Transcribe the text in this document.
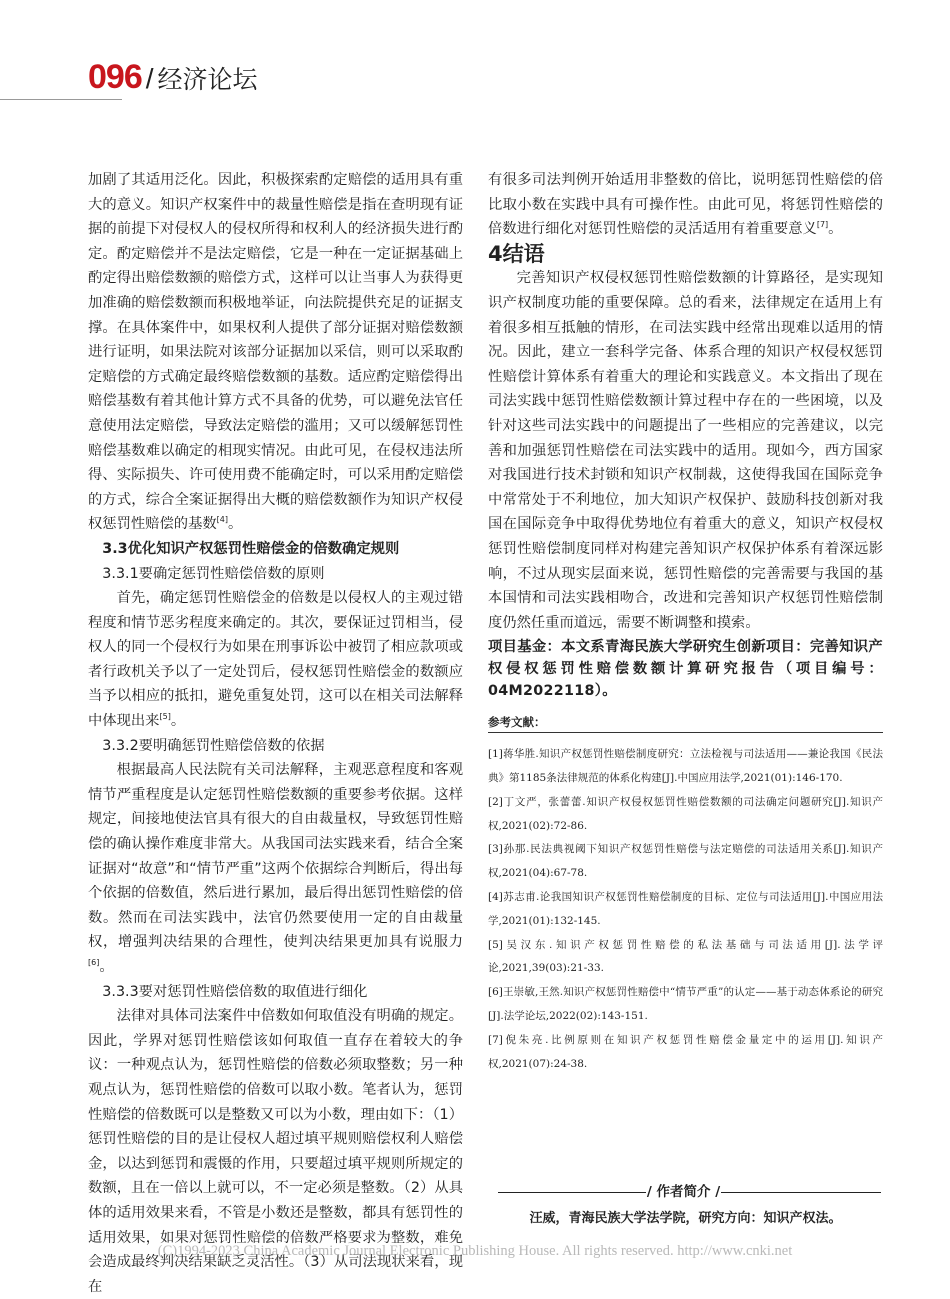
096 / 经济论坛

加剧了其适用泛化。因此，积极探索酌定赔偿的适用具有重大的意义。知识产权案件中的裁量性赔偿是指在查明现有证据的前提下对侵权人的侵权所得和权利人的经济损失进行酌定。酌定赔偿并不是法定赔偿，它是一种在一定证据基础上酌定得出赔偿数额的赔偿方式，这样可以让当事人为获得更加准确的赔偿数额而积极地举证，向法院提供充足的证据支撑。在具体案件中，如果权利人提供了部分证据对赔偿数额进行证明，如果法院对该部分证据加以采信，则可以采取酌定赔偿的方式确定最终赔偿数额的基数。适应酌定赔偿得出赔偿基数有着其他计算方式不具备的优势，可以避免法官任意使用法定赔偿，导致法定赔偿的滥用；又可以缓解惩罚性赔偿基数难以确定的相现实情况。由此可见，在侵权违法所得、实际损失、许可使用费不能确定时，可以采用酌定赔偿的方式，综合全案证据得出大概的赔偿数额作为知识产权侵权惩罚性赔偿的基数[4]。

3.3优化知识产权惩罚性赔偿金的倍数确定规则

3.3.1要确定惩罚性赔偿倍数的原则

首先，确定惩罚性赔偿金的倍数是以侵权人的主观过错程度和情节恶劣程度来确定的。其次，要保证过罚相当，侵权人的同一个侵权行为如果在刑事诉讼中被罚了相应款项或者行政机关予以了一定处罚后，侵权惩罚性赔偿金的数额应当予以相应的抵扣，避免重复处罚，这可以在相关司法解释中体现出来[5]。

3.3.2要明确惩罚性赔偿倍数的依据

根据最高人民法院有关司法解释，主观恶意程度和客观情节严重程度是认定惩罚性赔偿数额的重要参考依据。这样规定，间接地使法官具有很大的自由裁量权，导致惩罚性赔偿的确认操作难度非常大。从我国司法实践来看，结合全案证据对“故意”和“情节严重”这两个依据综合判断后，得出每个依据的倍数值，然后进行累加，最后得出惩罚性赔偿的倍数。然而在司法实践中，法官仍然要使用一定的自由裁量权，增强判决结果的合理性，使判决结果更加具有说服力[6]。

3.3.3要对惩罚性赔偿倍数的取值进行细化

法律对具体司法案件中倍数如何取值没有明确的规定。因此，学界对惩罚性赔偿该如何取值一直存在着较大的争议：一种观点认为，惩罚性赔偿的倍数必须取整数；另一种观点认为，惩罚性赔偿的倍数可以取小数。笔者认为，惩罚性赔偿的倍数既可以是整数又可以为小数，理由如下：（1）惩罚性赔偿的目的是让侵权人超过填平规则赔偿权利人赔偿金，以达到惩罚和震慑的作用，只要超过填平规则所规定的数额，且在一倍以上就可以，不一定必须是整数。（2）从具体的适用效果来看，不管是小数还是整数，都具有惩罚性的适用效果，如果对惩罚性赔偿的倍数严格要求为整数，难免会造成最终判决结果缺乏灵活性。（3）从司法现状来看，现在

有很多司法判例开始适用非整数的倍比，说明惩罚性赔偿的倍比取小数在实践中具有可操作性。由此可见，将惩罚性赔偿的倍数进行细化对惩罚性赔偿的灵活适用有着重要意义[7]。

4结语

完善知识产权侵权惩罚性赔偿数额的计算路径，是实现知识产权制度功能的重要保障。总的看来，法律规定在适用上有着很多相互抵触的情形，在司法实践中经常出现难以适用的情况。因此，建立一套科学完备、体系合理的知识产权侵权惩罚性赔偿计算体系有着重大的理论和实践意义。本文指出了现在司法实践中惩罚性赔偿数额计算过程中存在的一些困境，以及针对这些司法实践中的问题提出了一些相应的完善建议，以完善和加强惩罚性赔偿在司法实践中的适用。现如今，西方国家对我国进行技术封锁和知识产权制裁，这使得我国在国际竞争中常常处于不利地位，加大知识产权保护、鼓励科技创新对我国在国际竞争中取得优势地位有着重大的意义，知识产权侵权惩罚性赔偿制度同样对构建完善知识产权保护体系有着深远影响，不过从现实层面来说，惩罚性赔偿的完善需要与我国的基本国情和司法实践相吻合，改进和完善知识产权惩罚性赔偿制度仍然任重而道远，需要不断调整和摸索。

项目基金：本文系青海民族大学研究生创新项目：完善知识产权侵权惩罚性赔偿数额计算研究报告（项目编号：04M2022118）。

参考文献：

[1]蒋华胜.知识产权惩罚性赔偿制度研究：立法检视与司法适用——兼论我国《民法典》第1185条法律规范的体系化构建[J].中国应用法学,2021(01):146-170.

[2]丁文严，张蕾蕾.知识产权侵权惩罚性赔偿数额的司法确定问题研究[J].知识产权,2021(02):72-86.

[3]孙那.民法典视阈下知识产权惩罚性赔偿与法定赔偿的司法适用关系[J].知识产权,2021(04):67-78.

[4]苏志甫.论我国知识产权惩罚性赔偿制度的目标、定位与司法适用[J].中国应用法学,2021(01):132-145.

[5]吴汉东.知识产权惩罚性赔偿的私法基础与司法适用[J].法学评论,2021,39(03):21-33.

[6]王崇敏,王然.知识产权惩罚性赔偿中“情节严重”的认定——基于动态体系论的研究[J].法学论坛,2022(02):143-151.

[7]倪朱亮.比例原则在知识产权惩罚性赔偿金量定中的运用[J].知识产权,2021(07):24-38.

/ 作者简介 /
汪威，青海民族大学法学院，研究方向：知识产权法。
(C)1994-2023 China Academic Journal Electronic Publishing House. All rights reserved. http://www.cnki.net
